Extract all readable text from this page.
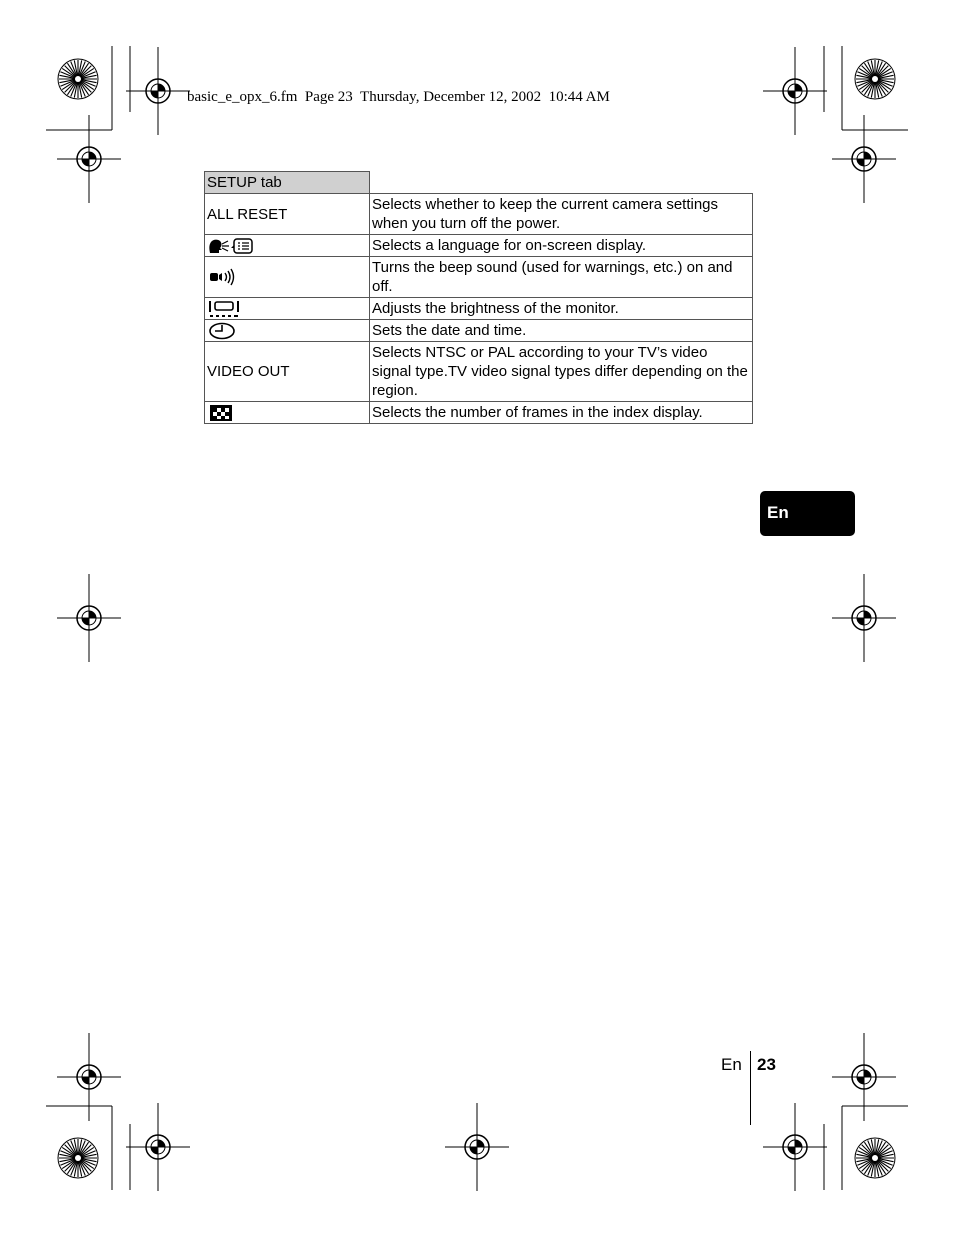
basic_e_opx_6.fm  Page 23  Thursday, December 12, 2002  10:44 AM
SETUP tab	
ALL RESET	Selects whether to keep the current camera settings when you turn off the power.

	Selects a language for on-screen display.

	Turns the beep sound (used for warnings, etc.) on and off.

	Adjusts the brightness of the monitor.

	Sets the date and time.
VIDEO OUT	Selects NTSC or PAL according to your TV’s video signal type.TV video signal types differ depending on the region.

	Selects the number of frames in the index display.
En
En 23
